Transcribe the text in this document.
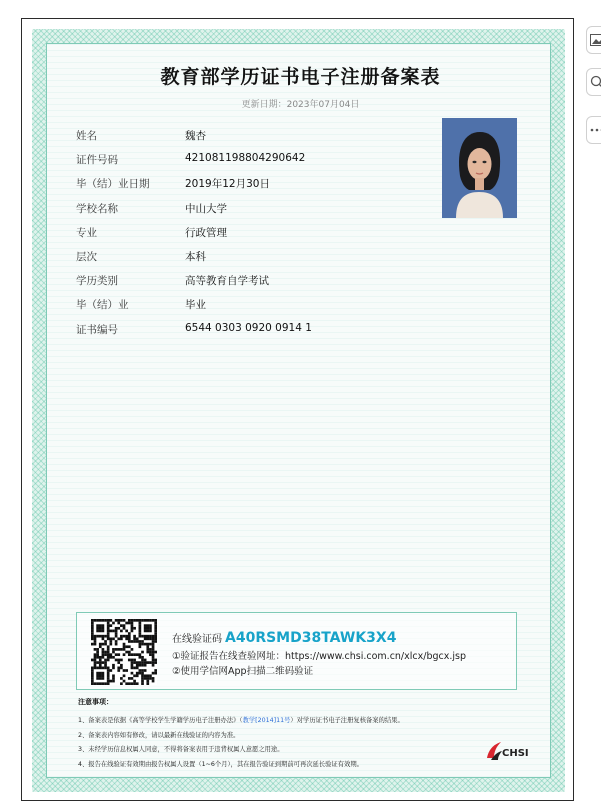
教育部学历证书电子注册备案表
更新日期：2023年07月04日
姓名	魏杏
证件号码	421081198804290642
毕（结）业日期	2019年12月30日
学校名称	中山大学
专业	行政管理
层次	本科
学历类别	高等教育自学考试
毕（结）业	毕业
证书编号	6544 0303 0920 0914 1
在线验证码 A40RSMD38TAWK3X4
①验证报告在线查验网址：https://www.chsi.com.cn/xlcx/bgcx.jsp
②使用学信网App扫描二维码验证
注意事项：
1、备案表是依据《高等学校学生学籍学历电子注册办法》（教学[2014]11号）对学历证书电子注册复核备案的结果。
2、备案表内容如有修改，请以最新在线验证的内容为准。
3、未经学历信息权属人同意，不得将备案表用于违背权属人意愿之用途。
4、报告在线验证有效期由报告权属人设置（1~6个月），其在报告验证到期前可再次延长验证有效期。
CHSI
